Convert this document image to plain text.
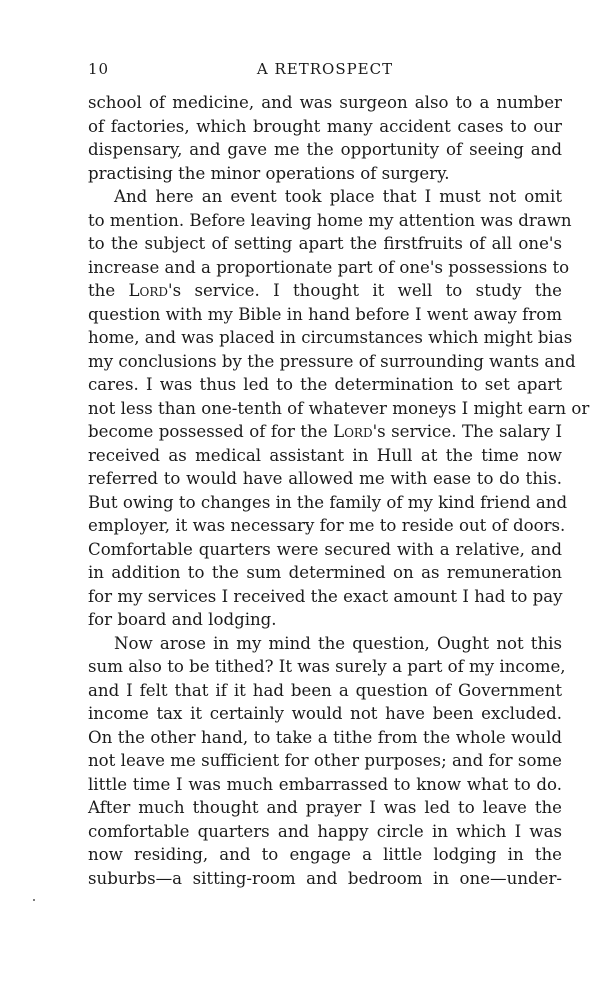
10	A RETROSPECT
school of medicine, and was surgeon also to a number
of factories, which brought many accident cases to our
dispensary, and gave me the opportunity of seeing and
practising the minor operations of surgery.
And here an event took place that I must not omit
to mention. Before leaving home my attention was drawn
to the subject of setting apart the firstfruits of all one's
increase and a proportionate part of one's possessions to
the Lord's service. I thought it well to study the
question with my Bible in hand before I went away from
home, and was placed in circumstances which might bias
my conclusions by the pressure of surrounding wants and
cares. I was thus led to the determination to set apart
not less than one-tenth of whatever moneys I might earn or
become possessed of for the Lord's service. The salary I
received as medical assistant in Hull at the time now
referred to would have allowed me with ease to do this.
But owing to changes in the family of my kind friend and
employer, it was necessary for me to reside out of doors.
Comfortable quarters were secured with a relative, and
in addition to the sum determined on as remuneration
for my services I received the exact amount I had to pay
for board and lodging.
Now arose in my mind the question, Ought not this
sum also to be tithed? It was surely a part of my income,
and I felt that if it had been a question of Government
income tax it certainly would not have been excluded.
On the other hand, to take a tithe from the whole would
not leave me sufficient for other purposes; and for some
little time I was much embarrassed to know what to do.
After much thought and prayer I was led to leave the
comfortable quarters and happy circle in which I was
now residing, and to engage a little lodging in the
suburbs—a sitting-room and bedroom in one—under-
